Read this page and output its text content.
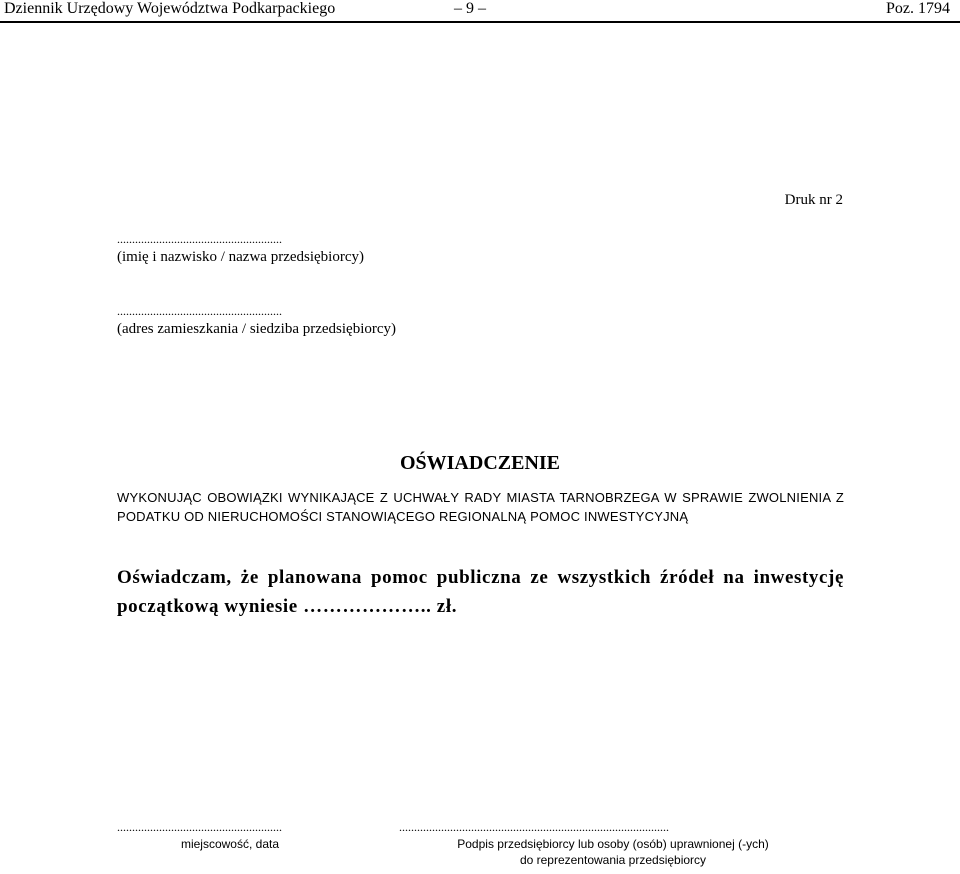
Dziennik Urzędowy Województwa Podkarpackiego	– 9 –	Poz. 1794
Druk nr 2
.......................................................
(imię i nazwisko / nazwa przedsiębiorcy)
.......................................................
(adres zamieszkania / siedziba przedsiębiorcy)
OŚWIADCZENIE
WYKONUJĄC OBOWIĄZKI WYNIKAJĄCE Z UCHWAŁY RADY MIASTA TARNOBRZEGA W SPRAWIE ZWOLNIENIA Z PODATKU OD NIERUCHOMOŚCI STANOWIĄCEGO REGIONALNĄ POMOC INWESTYCYJNĄ
Oświadczam, że planowana pomoc publiczna ze wszystkich źródeł na inwestycję początkową wyniesie ……………….. zł.
.......................................................
miejscowość, data
..........................................................................................
Podpis przedsiębiorcy lub osoby (osób) uprawnionej (-ych)
do reprezentowania przedsiębiorcy
